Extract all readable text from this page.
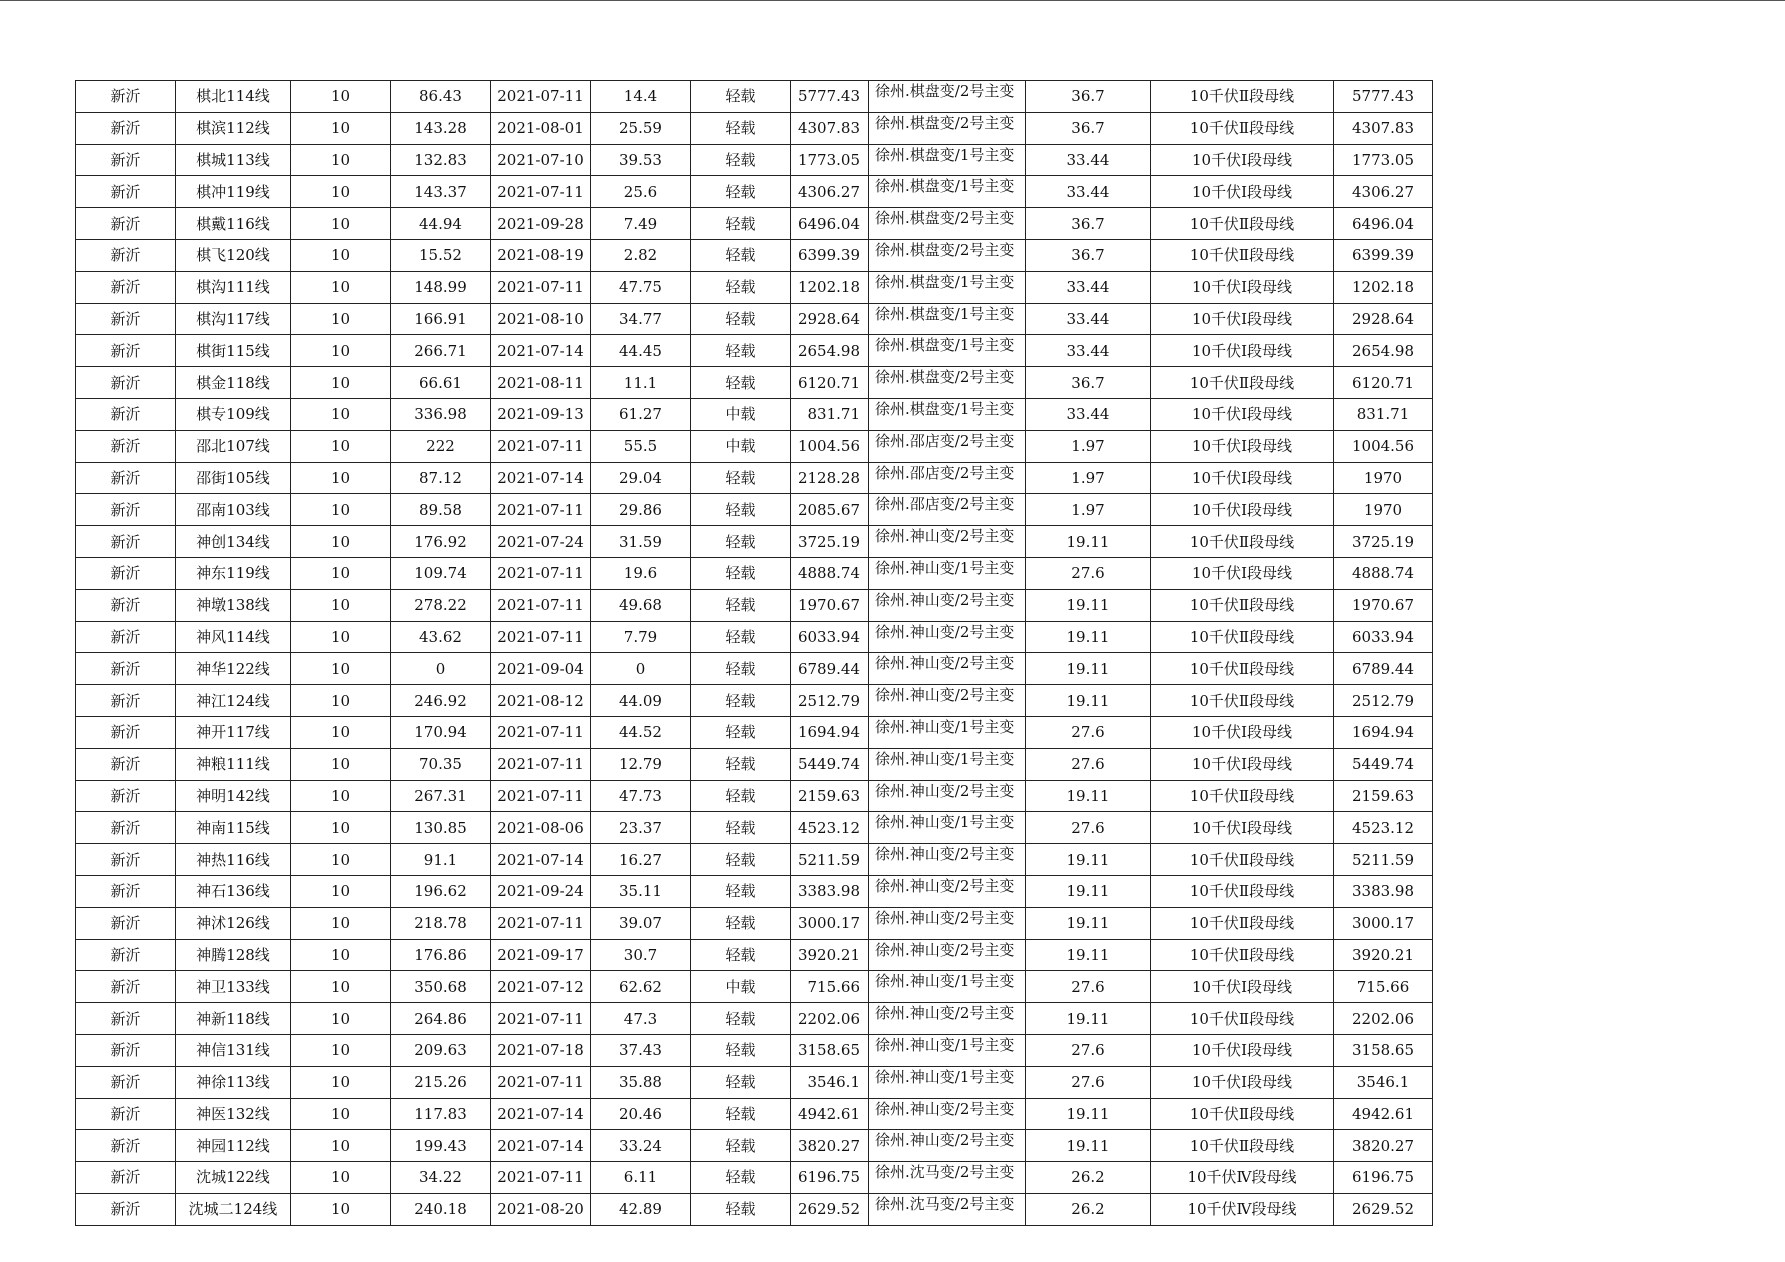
新沂	棋北114线	10	86.43	2021-07-11	14.4	轻载	5777.43	徐州.棋盘变/2号主变	36.7	10千伏Ⅱ段母线	5777.43
新沂	棋滨112线	10	143.28	2021-08-01	25.59	轻载	4307.83	徐州.棋盘变/2号主变	36.7	10千伏Ⅱ段母线	4307.83
新沂	棋城113线	10	132.83	2021-07-10	39.53	轻载	1773.05	徐州.棋盘变/1号主变	33.44	10千伏Ⅰ段母线	1773.05
新沂	棋冲119线	10	143.37	2021-07-11	25.6	轻载	4306.27	徐州.棋盘变/1号主变	33.44	10千伏Ⅰ段母线	4306.27
新沂	棋戴116线	10	44.94	2021-09-28	7.49	轻载	6496.04	徐州.棋盘变/2号主变	36.7	10千伏Ⅱ段母线	6496.04
新沂	棋飞120线	10	15.52	2021-08-19	2.82	轻载	6399.39	徐州.棋盘变/2号主变	36.7	10千伏Ⅱ段母线	6399.39
新沂	棋沟111线	10	148.99	2021-07-11	47.75	轻载	1202.18	徐州.棋盘变/1号主变	33.44	10千伏Ⅰ段母线	1202.18
新沂	棋沟117线	10	166.91	2021-08-10	34.77	轻载	2928.64	徐州.棋盘变/1号主变	33.44	10千伏Ⅰ段母线	2928.64
新沂	棋街115线	10	266.71	2021-07-14	44.45	轻载	2654.98	徐州.棋盘变/1号主变	33.44	10千伏Ⅰ段母线	2654.98
新沂	棋金118线	10	66.61	2021-08-11	11.1	轻载	6120.71	徐州.棋盘变/2号主变	36.7	10千伏Ⅱ段母线	6120.71
新沂	棋专109线	10	336.98	2021-09-13	61.27	中载	831.71	徐州.棋盘变/1号主变	33.44	10千伏Ⅰ段母线	831.71
新沂	邵北107线	10	222	2021-07-11	55.5	中载	1004.56	徐州.邵店变/2号主变	1.97	10千伏Ⅰ段母线	1004.56
新沂	邵街105线	10	87.12	2021-07-14	29.04	轻载	2128.28	徐州.邵店变/2号主变	1.97	10千伏Ⅰ段母线	1970
新沂	邵南103线	10	89.58	2021-07-11	29.86	轻载	2085.67	徐州.邵店变/2号主变	1.97	10千伏Ⅰ段母线	1970
新沂	神创134线	10	176.92	2021-07-24	31.59	轻载	3725.19	徐州.神山变/2号主变	19.11	10千伏Ⅱ段母线	3725.19
新沂	神东119线	10	109.74	2021-07-11	19.6	轻载	4888.74	徐州.神山变/1号主变	27.6	10千伏Ⅰ段母线	4888.74
新沂	神墩138线	10	278.22	2021-07-11	49.68	轻载	1970.67	徐州.神山变/2号主变	19.11	10千伏Ⅱ段母线	1970.67
新沂	神风114线	10	43.62	2021-07-11	7.79	轻载	6033.94	徐州.神山变/2号主变	19.11	10千伏Ⅱ段母线	6033.94
新沂	神华122线	10	0	2021-09-04	0	轻载	6789.44	徐州.神山变/2号主变	19.11	10千伏Ⅱ段母线	6789.44
新沂	神江124线	10	246.92	2021-08-12	44.09	轻载	2512.79	徐州.神山变/2号主变	19.11	10千伏Ⅱ段母线	2512.79
新沂	神开117线	10	170.94	2021-07-11	44.52	轻载	1694.94	徐州.神山变/1号主变	27.6	10千伏Ⅰ段母线	1694.94
新沂	神粮111线	10	70.35	2021-07-11	12.79	轻载	5449.74	徐州.神山变/1号主变	27.6	10千伏Ⅰ段母线	5449.74
新沂	神明142线	10	267.31	2021-07-11	47.73	轻载	2159.63	徐州.神山变/2号主变	19.11	10千伏Ⅱ段母线	2159.63
新沂	神南115线	10	130.85	2021-08-06	23.37	轻载	4523.12	徐州.神山变/1号主变	27.6	10千伏Ⅰ段母线	4523.12
新沂	神热116线	10	91.1	2021-07-14	16.27	轻载	5211.59	徐州.神山变/2号主变	19.11	10千伏Ⅱ段母线	5211.59
新沂	神石136线	10	196.62	2021-09-24	35.11	轻载	3383.98	徐州.神山变/2号主变	19.11	10千伏Ⅱ段母线	3383.98
新沂	神沭126线	10	218.78	2021-07-11	39.07	轻载	3000.17	徐州.神山变/2号主变	19.11	10千伏Ⅱ段母线	3000.17
新沂	神腾128线	10	176.86	2021-09-17	30.7	轻载	3920.21	徐州.神山变/2号主变	19.11	10千伏Ⅱ段母线	3920.21
新沂	神卫133线	10	350.68	2021-07-12	62.62	中载	715.66	徐州.神山变/1号主变	27.6	10千伏Ⅰ段母线	715.66
新沂	神新118线	10	264.86	2021-07-11	47.3	轻载	2202.06	徐州.神山变/2号主变	19.11	10千伏Ⅱ段母线	2202.06
新沂	神信131线	10	209.63	2021-07-18	37.43	轻载	3158.65	徐州.神山变/1号主变	27.6	10千伏Ⅰ段母线	3158.65
新沂	神徐113线	10	215.26	2021-07-11	35.88	轻载	3546.1	徐州.神山变/1号主变	27.6	10千伏Ⅰ段母线	3546.1
新沂	神医132线	10	117.83	2021-07-14	20.46	轻载	4942.61	徐州.神山变/2号主变	19.11	10千伏Ⅱ段母线	4942.61
新沂	神园112线	10	199.43	2021-07-14	33.24	轻载	3820.27	徐州.神山变/2号主变	19.11	10千伏Ⅱ段母线	3820.27
新沂	沈城122线	10	34.22	2021-07-11	6.11	轻载	6196.75	徐州.沈马变/2号主变	26.2	10千伏Ⅳ段母线	6196.75
新沂	沈城二124线	10	240.18	2021-08-20	42.89	轻载	2629.52	徐州.沈马变/2号主变	26.2	10千伏Ⅳ段母线	2629.52
